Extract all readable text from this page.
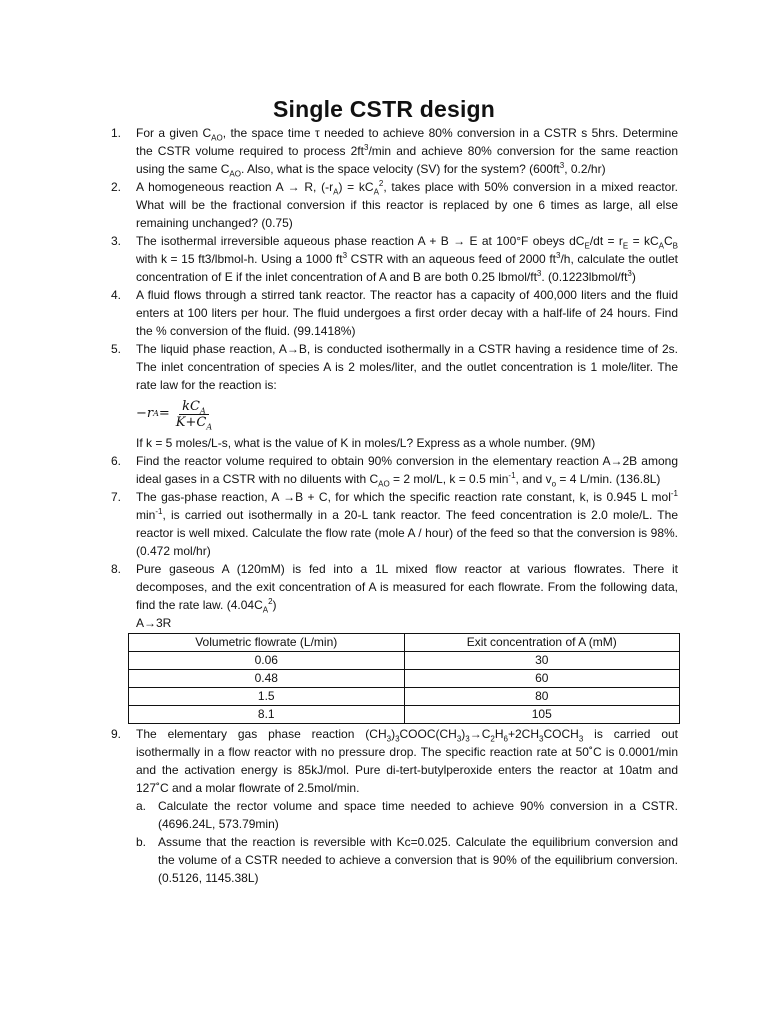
Single CSTR design
1. For a given $C_{AO}$, the space time τ needed to achieve 80% conversion in a CSTR s 5hrs. Determine the CSTR volume required to process $2ft^3/\min$ and achieve 80% conversion for the same reaction using the same $C_{AO}$. Also, what is the space velocity (SV) for the system? ($600ft^3$, 0.2/hr)
2. A homogeneous reaction A → R, $(-r_A) = kC_A^2$, takes place with 50% conversion in a mixed reactor. What will be the fractional conversion if this reactor is replaced by one 6 times as large, all else remaining unchanged? (0.75)
3. The isothermal irreversible aqueous phase reaction A + B → E at 100°F obeys $dC_E/dt = r_E = kC_AC_B$ with k = 15 ft3/lbmol-h. Using a 1000 $ft^3$ CSTR with an aqueous feed of 2000 $ft^3/h$, calculate the outlet concentration of E if the inlet concentration of A and B are both 0.25 lbmol/$ft^3$. $(0.1223lbmol/ft^3)$
4. A fluid flows through a stirred tank reactor. The reactor has a capacity of 400,000 liters and the fluid enters at 100 liters per hour. The fluid undergoes a first order decay with a half-life of 24 hours. Find the % conversion of the fluid. (99.1418%)
5. The liquid phase reaction, A→B, is conducted isothermally in a CSTR having a residence time of 2s. The inlet concentration of species A is 2 moles/liter, and the outlet concentration is 1 mole/liter. The rate law for the reaction is:
−r $A = \frac{kC_A}{K+C_A}$
If k = 5 moles/L-s, what is the value of K in moles/L? Express as a whole number. (9M)
6. Find the reactor volume required to obtain 90% conversion in the elementary reaction A→2B among ideal gases in a CSTR with no diluents with $C_{AO} = 2$ mol/L, k = 0.5 $\min^{-1}$, and $v_o = 4$ L/min. (136.8L)
7. The gas-phase reaction, A →B + C, for which the specific reaction rate constant, k, is 0.945 L mol$^{-1}$ $\min^{-1}$, is carried out isothermally in a 20-L tank reactor. The feed concentration is 2.0 mole/L. The reactor is well mixed. Calculate the flow rate (mole A / hour) of the feed so that the conversion is 98%. (0.472 mol/hr)
8. Pure gaseous A (120mM) is fed into a 1L mixed flow reactor at various flowrates. There it decomposes, and the exit concentration of A is measured for each flowrate. From the following data, find the rate law. $(4.04C_A^2)$
A→3R
Volumetric flowrate (L/min)	Exit concentration of A (mM)
0.06	30
0.48	60
1.5	80
8.1	105
9. The elementary gas phase reaction $(CH_3)_3COOC(CH_3)_3\to C_2H_6+2CH_3COCH_3$ is carried out isothermally in a flow reactor with no pressure drop. The specific reaction rate at 50˚C is 0.0001/min and the activation energy is 85kJ/mol. Pure di-tert-butylperoxide enters the reactor at 10atm and 127˚C and a molar flowrate of 2.5mol/min.
a. Calculate the rector volume and space time needed to achieve 90% conversion in a CSTR. (4696.24L, 573.79min)
b. Assume that the reaction is reversible with Kc=0.025. Calculate the equilibrium conversion and the volume of a CSTR needed to achieve a conversion that is 90% of the equilibrium conversion. (0.5126, 1145.38L)
